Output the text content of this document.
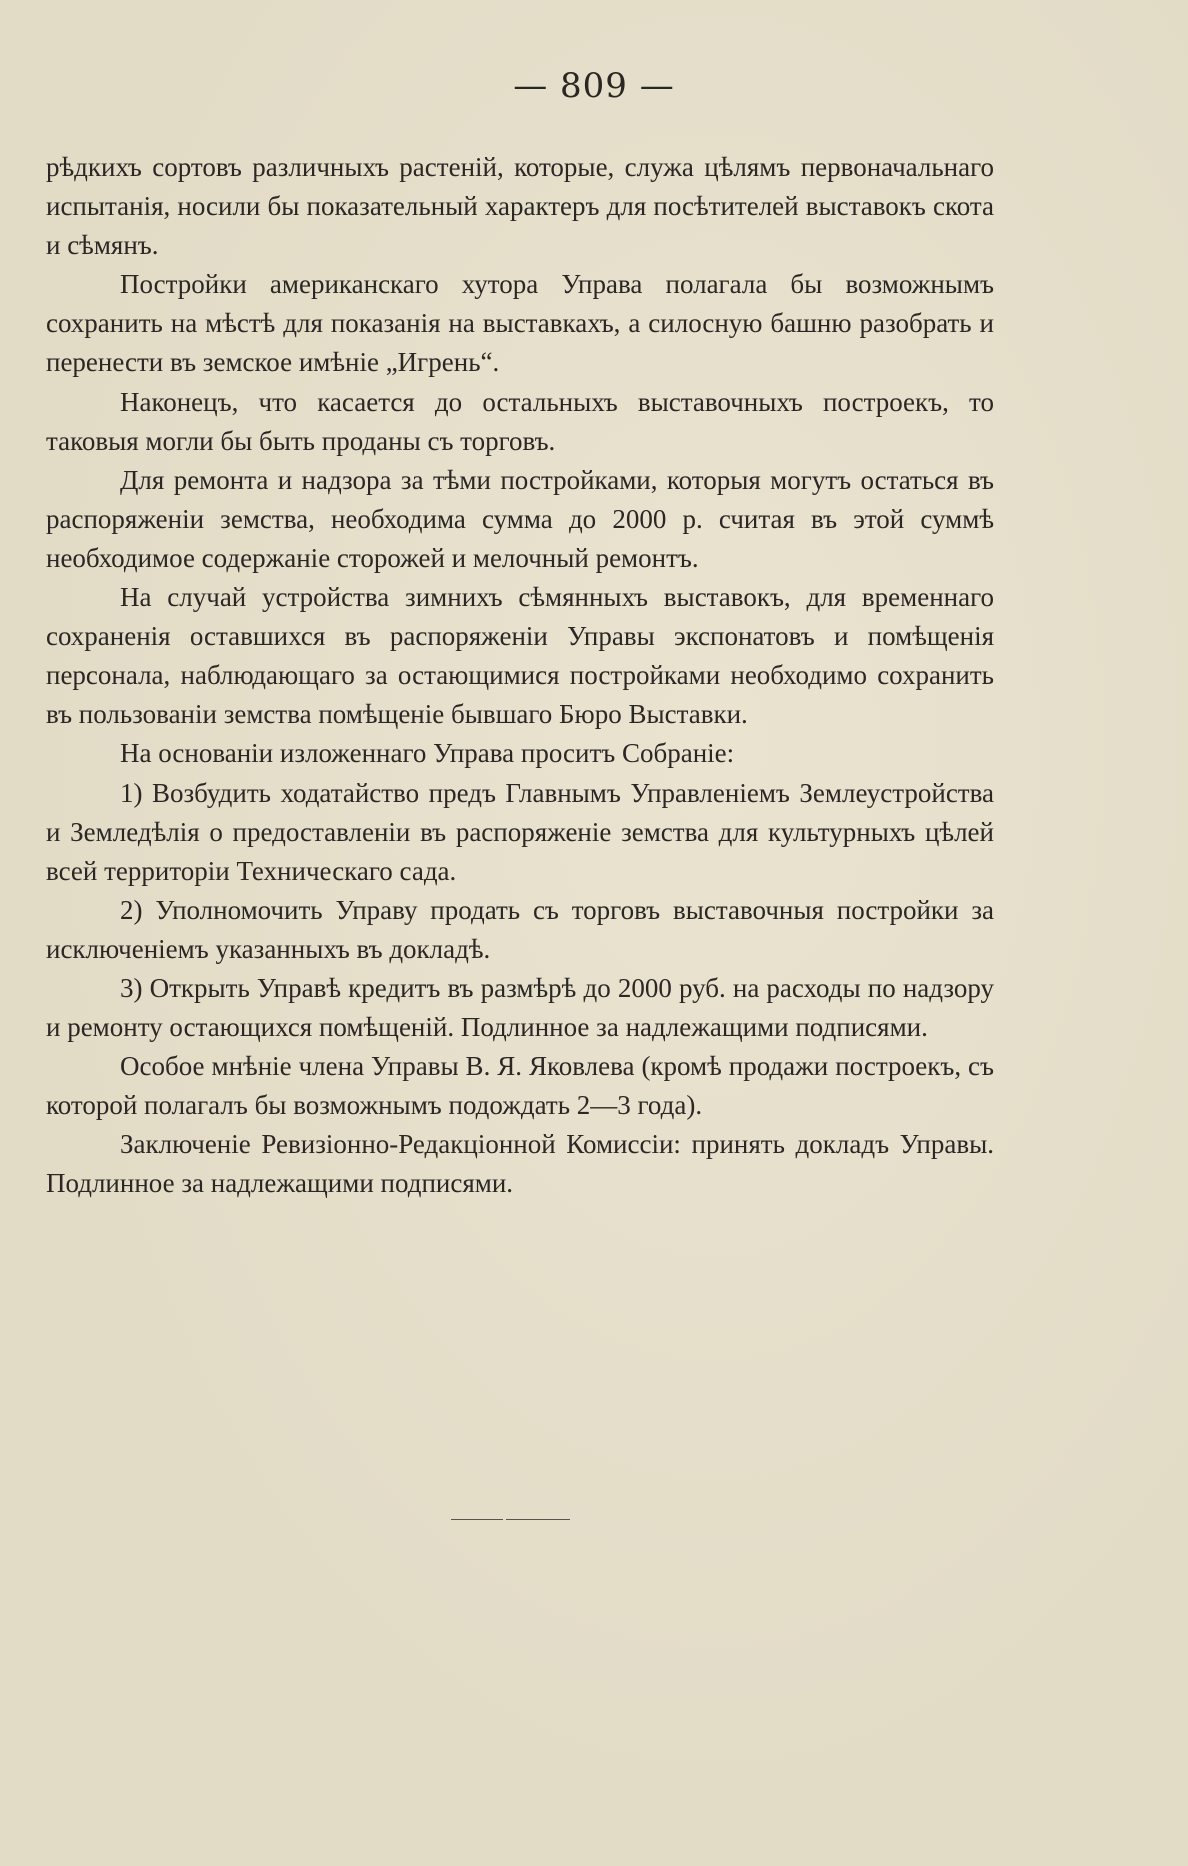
— 809 —

рѣдкихъ сортовъ различныхъ растенiй, которые, служа цѣлямъ первоначальнаго испытанiя, носили бы показательный характеръ для посѣтителей выставокъ скота и сѣмянъ.

Постройки американскаго хутора Управа полагала бы возможнымъ сохранить на мѣстѣ для показанiя на выставкахъ, а силосную башню разобрать и перенести въ земское имѣнiе „Игрень“.

Наконецъ, что касается до остальныхъ выставочныхъ построекъ, то таковыя могли бы быть проданы съ торговъ.

Для ремонта и надзора за тѣми постройками, которыя могутъ остаться въ распоряженiи земства, необходима сумма до 2000 р. считая въ этой суммѣ необходимое содержанiе сторожей и мелочный ремонтъ.

На случай устройства зимнихъ сѣмянныхъ выставокъ, для временнаго сохраненiя оставшихся въ распоряженiи Управы экспонатовъ и помѣщенiя персонала, наблюдающаго за остающимися постройками необходимо сохранить въ пользованiи земства помѣщенiе бывшаго Бюро Выставки.

На основанiи изложеннаго Управа проситъ Собранiе:

1) Возбудить ходатайство предъ Главнымъ Управленiемъ Землеустройства и Земледѣлiя о предоставленiи въ распоряженiе земства для культурныхъ цѣлей всей территорiи Техническаго сада.

2) Уполномочить Управу продать съ торговъ выставочныя постройки за исключенiемъ указанныхъ въ докладѣ.

3) Открыть Управѣ кредитъ въ размѣрѣ до 2000 руб. на расходы по надзору и ремонту остающихся помѣщенiй. Подлинное за надлежащими подписями.

Особое мнѣнiе члена Управы В. Я. Яковлева (кромѣ продажи построекъ, съ которой полагалъ бы возможнымъ подождать 2—3 года).

Заключенiе Ревизiонно-Редакцiонной Комиссiи: принять докладъ Управы. Подлинное за надлежащими подписями.
